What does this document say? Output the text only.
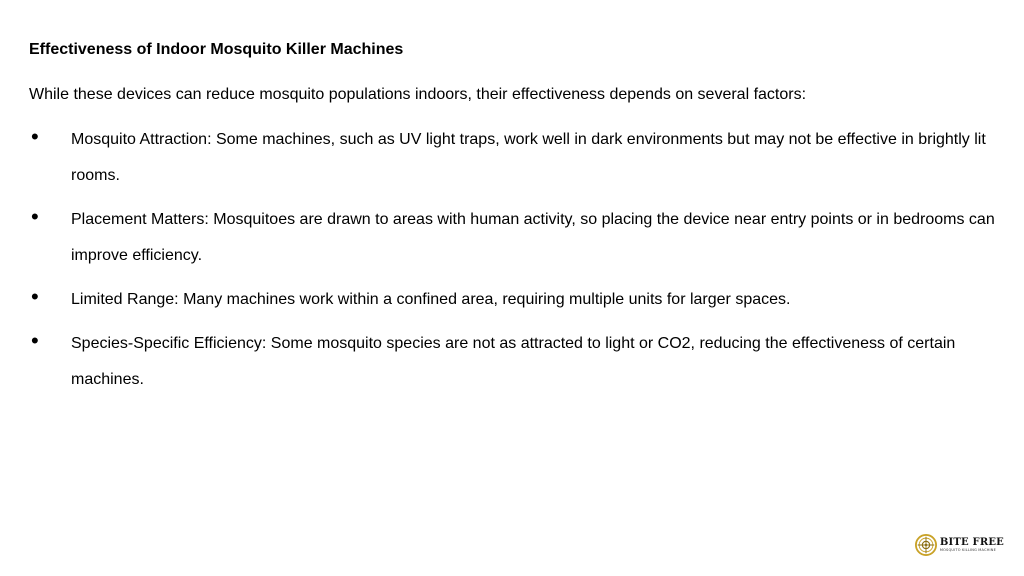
Effectiveness of Indoor Mosquito Killer Machines

While these devices can reduce mosquito populations indoors, their effectiveness depends on several factors:

• Mosquito Attraction: Some machines, such as UV light traps, work well in dark environments but may not be effective in brightly lit rooms.
• Placement Matters: Mosquitoes are drawn to areas with human activity, so placing the device near entry points or in bedrooms can improve efficiency.
• Limited Range: Many machines work within a confined area, requiring multiple units for larger spaces.
• Species-Specific Efficiency: Some mosquito species are not as attracted to light or CO2, reducing the effectiveness of certain machines.
BITE FREE
MOSQUITO KILLING MACHINE
